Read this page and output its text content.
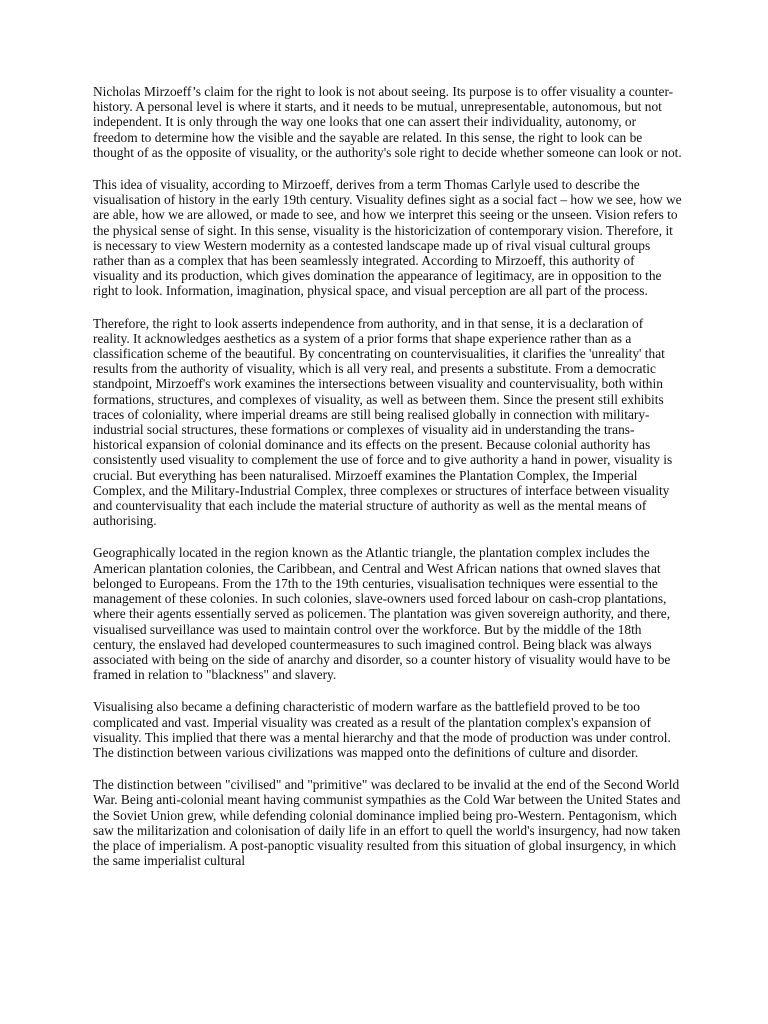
Nicholas Mirzoeff’s claim for the right to look is not about seeing. Its purpose is to offer visuality a counter-history. A personal level is where it starts, and it needs to be mutual, unrepresentable, autonomous, but not independent. It is only through the way one looks that one can assert their individuality, autonomy, or freedom to determine how the visible and the sayable are related. In this sense, the right to look can be thought of as the opposite of visuality, or the authority's sole right to decide whether someone can look or not.

This idea of visuality, according to Mirzoeff, derives from a term Thomas Carlyle used to describe the visualisation of history in the early 19th century. Visuality defines sight as a social fact – how we see, how we are able, how we are allowed, or made to see, and how we interpret this seeing or the unseen. Vision refers to the physical sense of sight. In this sense, visuality is the historicization of contemporary vision. Therefore, it is necessary to view Western modernity as a contested landscape made up of rival visual cultural groups rather than as a complex that has been seamlessly integrated. According to Mirzoeff, this authority of visuality and its production, which gives domination the appearance of legitimacy, are in opposition to the right to look. Information, imagination, physical space, and visual perception are all part of the process.

Therefore, the right to look asserts independence from authority, and in that sense, it is a declaration of reality. It acknowledges aesthetics as a system of a prior forms that shape experience rather than as a classification scheme of the beautiful. By concentrating on countervisualities, it clarifies the 'unreality' that results from the authority of visuality, which is all very real, and presents a substitute. From a democratic standpoint, Mirzoeff's work examines the intersections between visuality and countervisuality, both within formations, structures, and complexes of visuality, as well as between them. Since the present still exhibits traces of coloniality, where imperial dreams are still being realised globally in connection with military-industrial social structures, these formations or complexes of visuality aid in understanding the trans-historical expansion of colonial dominance and its effects on the present. Because colonial authority has consistently used visuality to complement the use of force and to give authority a hand in power, visuality is crucial. But everything has been naturalised. Mirzoeff examines the Plantation Complex, the Imperial Complex, and the Military-Industrial Complex, three complexes or structures of interface between visuality and countervisuality that each include the material structure of authority as well as the mental means of authorising.

Geographically located in the region known as the Atlantic triangle, the plantation complex includes the American plantation colonies, the Caribbean, and Central and West African nations that owned slaves that belonged to Europeans. From the 17th to the 19th centuries, visualisation techniques were essential to the management of these colonies. In such colonies, slave-owners used forced labour on cash-crop plantations, where their agents essentially served as policemen. The plantation was given sovereign authority, and there, visualised surveillance was used to maintain control over the workforce. But by the middle of the 18th century, the enslaved had developed countermeasures to such imagined control. Being black was always associated with being on the side of anarchy and disorder, so a counter history of visuality would have to be framed in relation to "blackness" and slavery.

Visualising also became a defining characteristic of modern warfare as the battlefield proved to be too complicated and vast. Imperial visuality was created as a result of the plantation complex's expansion of visuality. This implied that there was a mental hierarchy and that the mode of production was under control. The distinction between various civilizations was mapped onto the definitions of culture and disorder.

The distinction between "civilised" and "primitive" was declared to be invalid at the end of the Second World War. Being anti-colonial meant having communist sympathies as the Cold War between the United States and the Soviet Union grew, while defending colonial dominance implied being pro-Western. Pentagonism, which saw the militarization and colonisation of daily life in an effort to quell the world's insurgency, had now taken the place of imperialism. A post-panoptic visuality resulted from this situation of global insurgency, in which the same imperialist cultural
